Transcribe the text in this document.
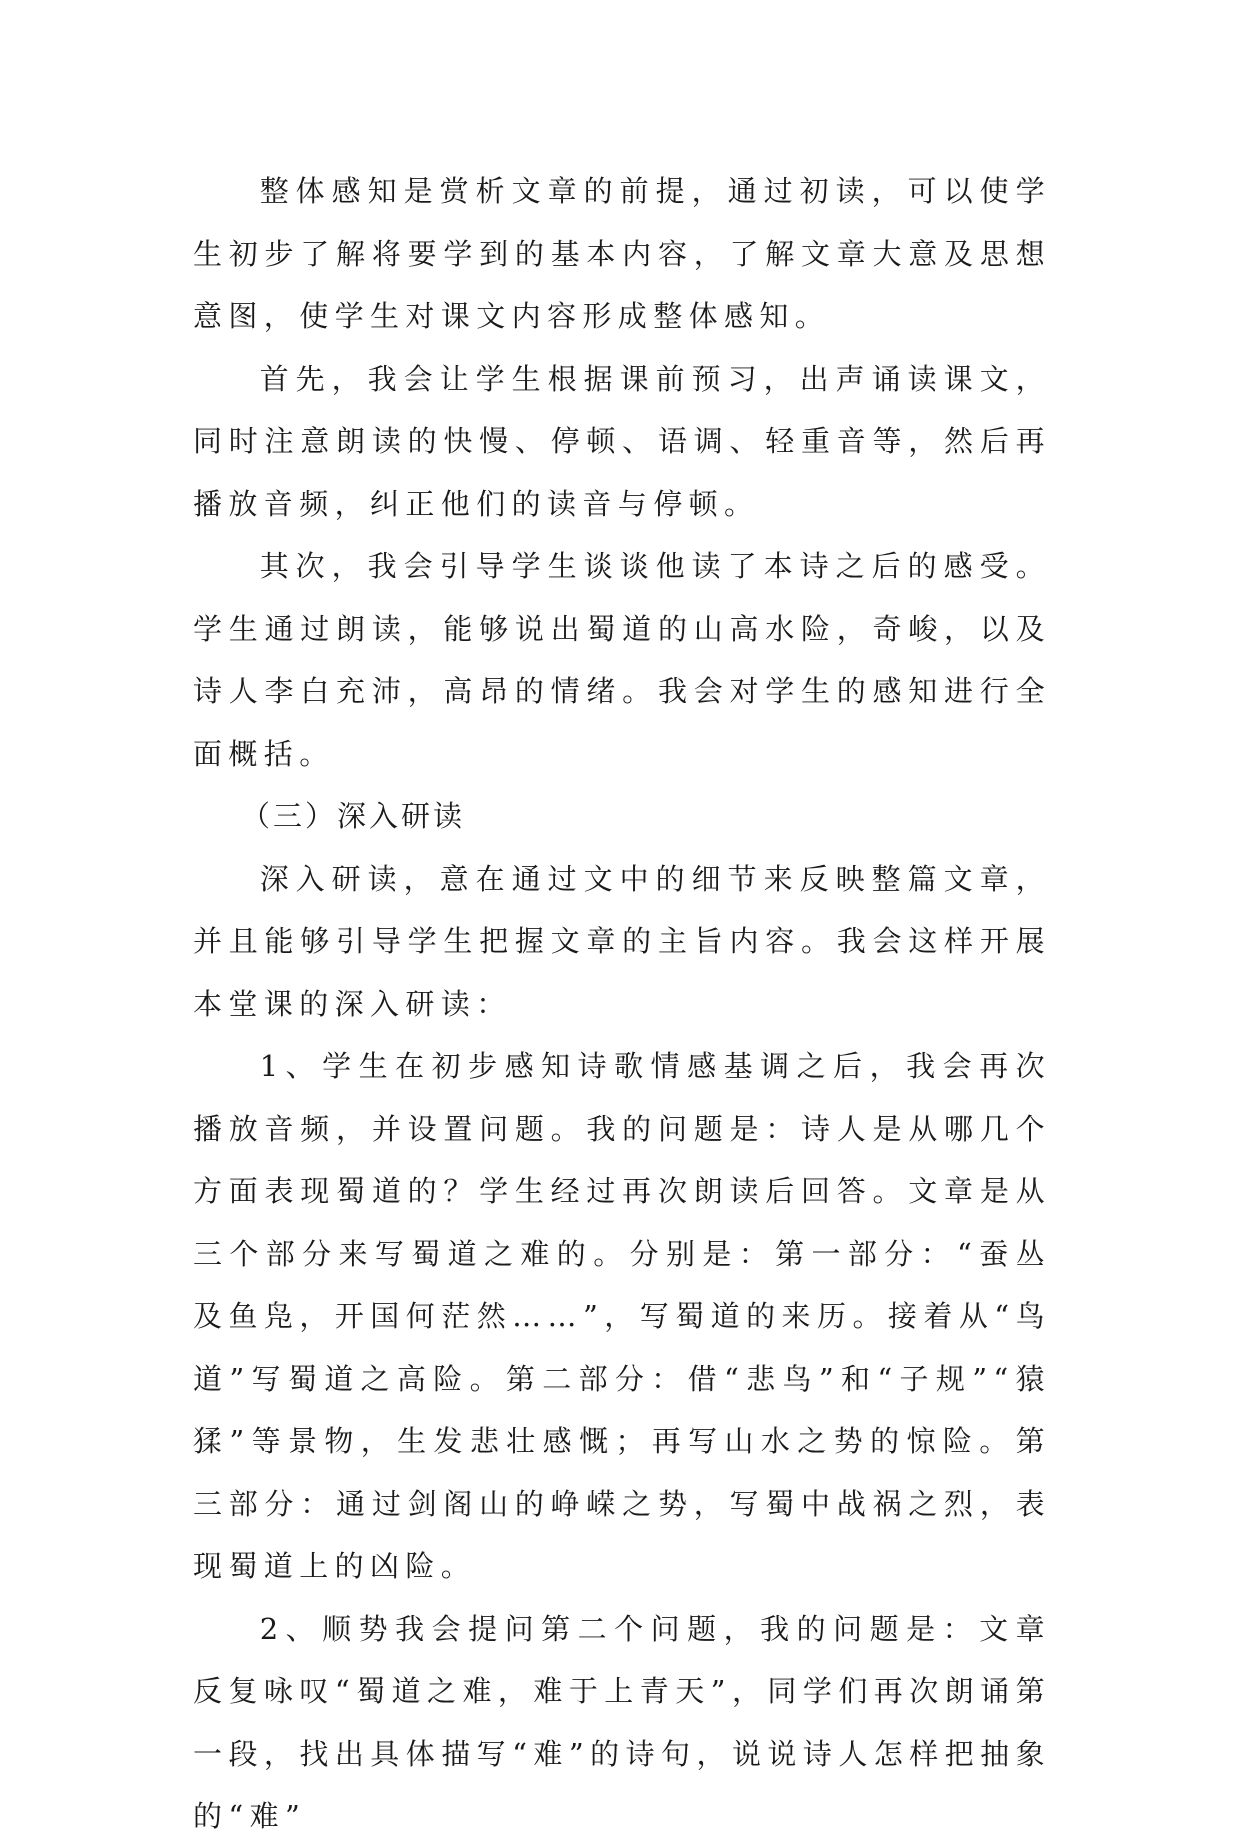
整体感知是赏析文章的前提，通过初读，可以使学生初步了解将要学到的基本内容，了解文章大意及思想意图，使学生对课文内容形成整体感知。

首先，我会让学生根据课前预习，出声诵读课文，同时注意朗读的快慢、停顿、语调、轻重音等，然后再播放音频，纠正他们的读音与停顿。

其次，我会引导学生谈谈他读了本诗之后的感受。学生通过朗读，能够说出蜀道的山高水险，奇峻，以及诗人李白充沛，高昂的情绪。我会对学生的感知进行全面概括。

（三）深入研读

深入研读，意在通过文中的细节来反映整篇文章，并且能够引导学生把握文章的主旨内容。我会这样开展本堂课的深入研读：

1、学生在初步感知诗歌情感基调之后，我会再次播放音频，并设置问题。我的问题是：诗人是从哪几个方面表现蜀道的？学生经过再次朗读后回答。文章是从三个部分来写蜀道之难的。分别是：第一部分：“蚕丛及鱼凫，开国何茫然……”，写蜀道的来历。接着从“鸟道”写蜀道之高险。第二部分：借“悲鸟”和“子规”“猿猱”等景物，生发悲壮感慨；再写山水之势的惊险。第三部分：通过剑阁山的峥嵘之势，写蜀中战祸之烈，表现蜀道上的凶险。

2、顺势我会提问第二个问题，我的问题是：文章反复咏叹“蜀道之难，难于上青天”，同学们再次朗诵第一段，找出具体描写“难”的诗句，说说诗人怎样把抽象的“难”
